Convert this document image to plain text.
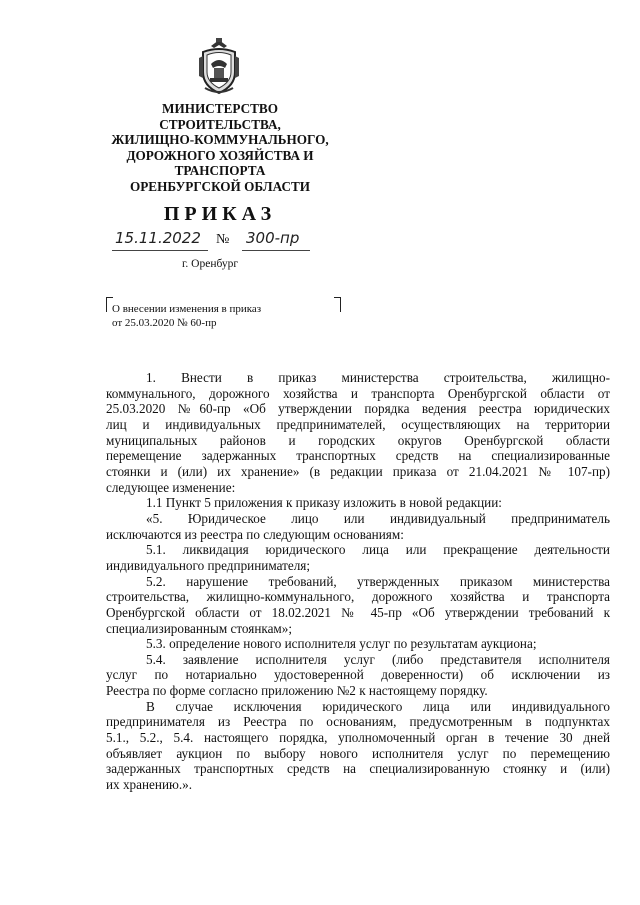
МИНИСТЕРСТВО
СТРОИТЕЛЬСТВА,
ЖИЛИЩНО-КОММУНАЛЬНОГО,
ДОРОЖНОГО ХОЗЯЙСТВА И
ТРАНСПОРТА
ОРЕНБУРГСКОЙ ОБЛАСТИ
ПРИКАЗ
15.11.2022 № 300-пр
г. Оренбург
О внесении изменения в приказ
от 25.03.2020 № 60-пр
1. Внести в приказ министерства строительства, жилищно-
коммунального, дорожного хозяйства и транспорта Оренбургской области от
25.03.2020 №60-пр «Об утверждении порядка ведения реестра юридических
лиц и индивидуальных предпринимателей, осуществляющих на территории
муниципальных районов и городских округов Оренбургской области
перемещение задержанных транспортных средств на специализированные
стоянки и (или) их хранение» (в редакции приказа от 21.04.2021 № 107-пр)
следующее изменение:
1.1 Пункт 5 приложения к приказу изложить в новой редакции:
«5. Юридическое лицо или индивидуальный предприниматель
исключаются из реестра по следующим основаниям:
5.1. ликвидация юридического лица или прекращение деятельности
индивидуального предпринимателя;
5.2. нарушение требований, утвержденных приказом министерства
строительства, жилищно-коммунального, дорожного хозяйства и транспорта
Оренбургской области от 18.02.2021 № 45-пр «Об утверждении требований к
специализированным стоянкам»;
5.3. определение нового исполнителя услуг по результатам аукциона;
5.4. заявление исполнителя услуг (либо представителя исполнителя
услуг по нотариально удостоверенной доверенности) об исключении из
Реестра по форме согласно приложению №2 к настоящему порядку.
В случае исключения юридического лица или индивидуального
предпринимателя из Реестра по основаниям, предусмотренным в подпунктах
5.1., 5.2., 5.4. настоящего порядка, уполномоченный орган в течение 30 дней
объявляет аукцион по выбору нового исполнителя услуг по перемещению
задержанных транспортных средств на специализированную стоянку и (или)
их хранению.».
